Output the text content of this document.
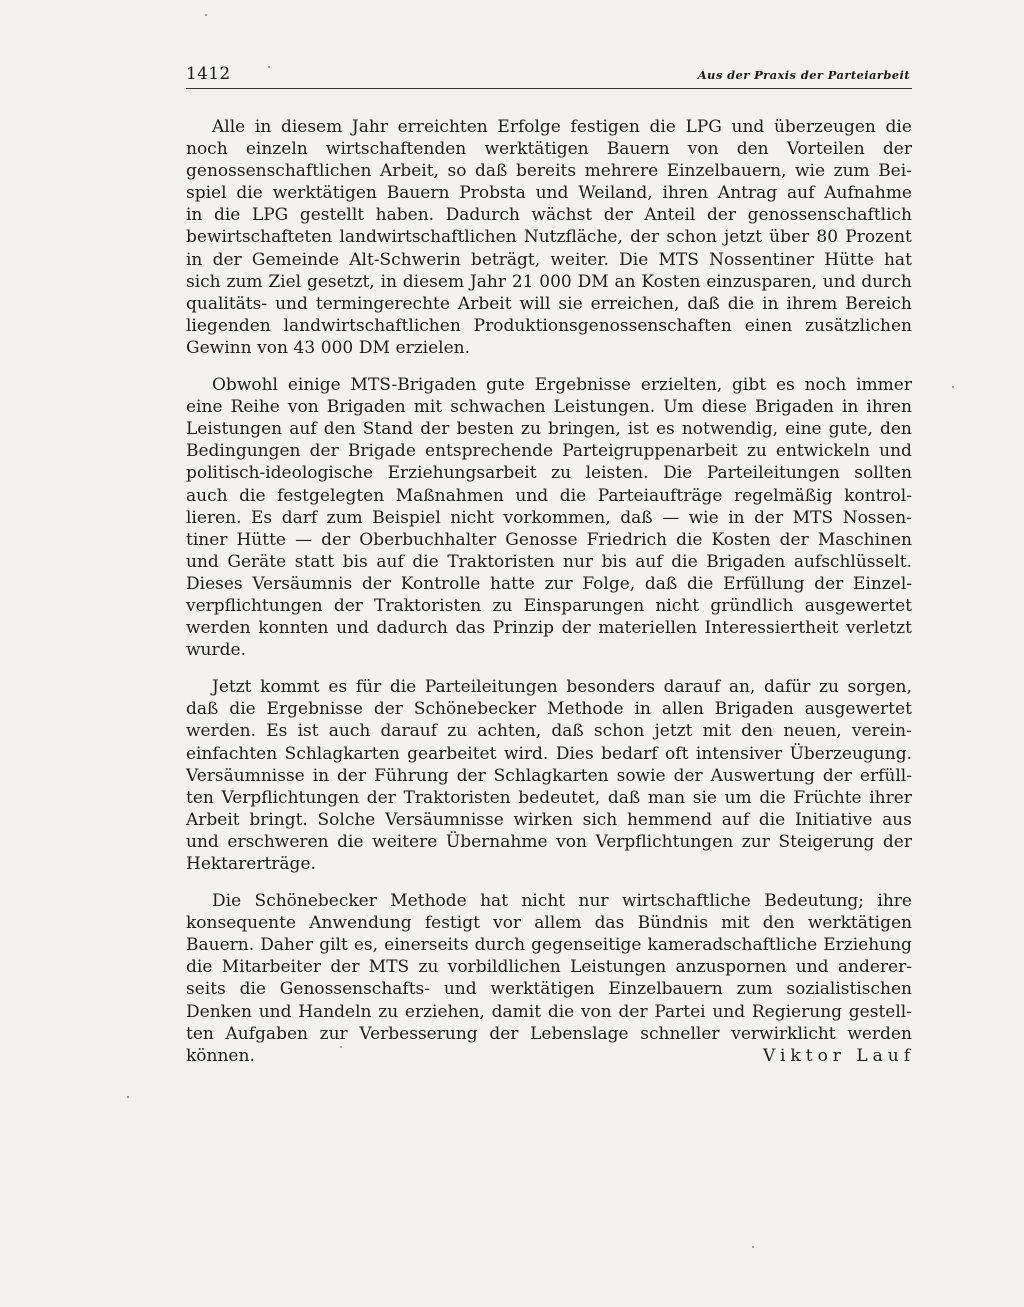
1412	Aus der Praxis der Parteiarbeit
Alle in diesem Jahr erreichten Erfolge festigen die LPG und überzeugen die
noch einzeln wirtschaftenden werktätigen Bauern von den Vorteilen der
genossenschaftlichen Arbeit, so daß bereits mehrere Einzelbauern, wie zum Bei-
spiel die werktätigen Bauern Probsta und Weiland, ihren Antrag auf Aufnahme
in die LPG gestellt haben. Dadurch wächst der Anteil der genossenschaftlich
bewirtschafteten landwirtschaftlichen Nutzfläche, der schon jetzt über 80 Prozent
in der Gemeinde Alt-Schwerin beträgt, weiter. Die MTS Nossentiner Hütte hat
sich zum Ziel gesetzt, in diesem Jahr 21 000 DM an Kosten einzusparen, und durch
qualitäts- und termingerechte Arbeit will sie erreichen, daß die in ihrem Bereich
liegenden landwirtschaftlichen Produktionsgenossenschaften einen zusätzlichen
Gewinn von 43 000 DM erzielen.
Obwohl einige MTS-Brigaden gute Ergebnisse erzielten, gibt es noch immer
eine Reihe von Brigaden mit schwachen Leistungen. Um diese Brigaden in ihren
Leistungen auf den Stand der besten zu bringen, ist es notwendig, eine gute, den
Bedingungen der Brigade entsprechende Parteigruppenarbeit zu entwickeln und
politisch-ideologische Erziehungsarbeit zu leisten. Die Parteileitungen sollten
auch die festgelegten Maßnahmen und die Parteiaufträge regelmäßig kontrol-
lieren. Es darf zum Beispiel nicht vorkommen, daß — wie in der MTS Nossen-
tiner Hütte — der Oberbuchhalter Genosse Friedrich die Kosten der Maschinen
und Geräte statt bis auf die Traktoristen nur bis auf die Brigaden aufschlüsselt.
Dieses Versäumnis der Kontrolle hatte zur Folge, daß die Erfüllung der Einzel-
verpflichtungen der Traktoristen zu Einsparungen nicht gründlich ausgewertet
werden konnten und dadurch das Prinzip der materiellen Interessiertheit verletzt
wurde.
Jetzt kommt es für die Parteileitungen besonders darauf an, dafür zu sorgen,
daß die Ergebnisse der Schönebecker Methode in allen Brigaden ausgewertet
werden. Es ist auch darauf zu achten, daß schon jetzt mit den neuen, verein-
einfachten Schlagkarten gearbeitet wird. Dies bedarf oft intensiver Überzeugung.
Versäumnisse in der Führung der Schlagkarten sowie der Auswertung der erfüll-
ten Verpflichtungen der Traktoristen bedeutet, daß man sie um die Früchte ihrer
Arbeit bringt. Solche Versäumnisse wirken sich hemmend auf die Initiative aus
und erschweren die weitere Übernahme von Verpflichtungen zur Steigerung der
Hektarerträge.
Die Schönebecker Methode hat nicht nur wirtschaftliche Bedeutung; ihre
konsequente Anwendung festigt vor allem das Bündnis mit den werktätigen
Bauern. Daher gilt es, einerseits durch gegenseitige kameradschaftliche Erziehung
die Mitarbeiter der MTS zu vorbildlichen Leistungen anzuspornen und anderer-
seits die Genossenschafts- und werktätigen Einzelbauern zum sozialistischen
Denken und Handeln zu erziehen, damit die von der Partei und Regierung gestell-
ten Aufgaben zur Verbesserung der Lebenslage schneller verwirklicht werden
können.	Viktor Lauf
